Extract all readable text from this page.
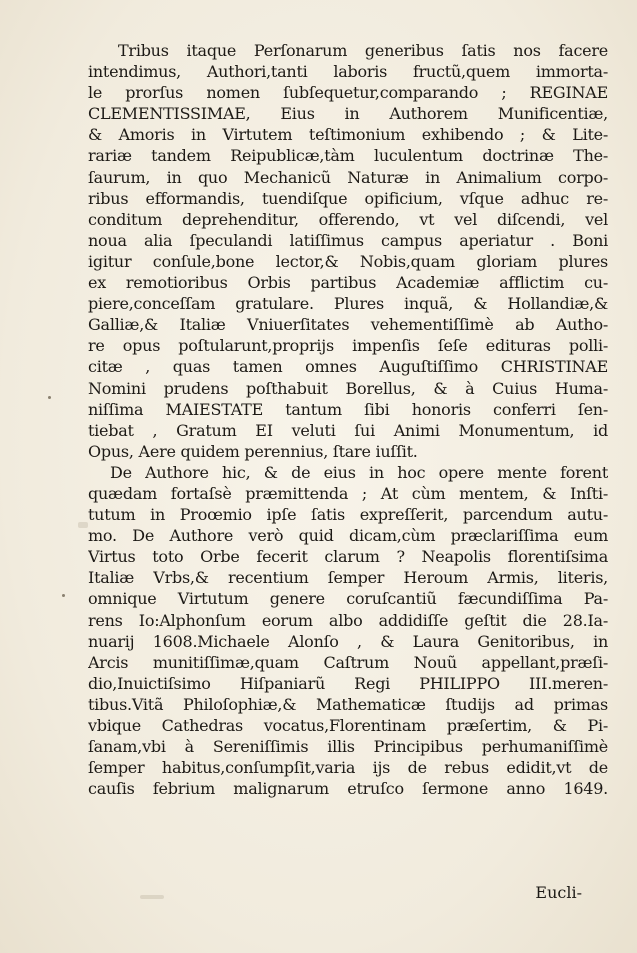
Tribus itaque Perſonarum generibus ſatis nos facere
intendimus, Authori,tanti laboris fructũ,quem immorta-
le prorſus nomen ſubſequetur,comparando ; REGINAE
CLEMENTISSIMAE, Eius in Authorem Munificentiæ,
& Amoris in Virtutem teſtimonium exhibendo ; & Lite-
rariæ tandem Reipublicæ,tàm luculentum doctrinæ The-
ſaurum, in quo Mechanicũ Naturæ in Animalium corpo-
ribus efformandis, tuendiſque opificium, vſque adhuc re-
conditum deprehenditur, offerendo, vt vel diſcendi, vel
noua alia ſpeculandi latiſſimus campus aperiatur . Boni
igitur conſule,bone lector,& Nobis,quam gloriam plures
ex remotioribus Orbis partibus Academiæ afflictim cu-
piere,conceſſam gratulare. Plures inquã, & Hollandiæ,&
Galliæ,& Italiæ Vniuerſitates vehementiſſimè ab Autho-
re opus poſtularunt,proprijs impenſis ſeſe edituras polli-
citæ , quas tamen omnes Auguſtiſſimo CHRISTINAE
Nomini prudens poſthabuit Borellus, & à Cuius Huma-
niſſima MAIESTATE tantum ſibi honoris conferri ſen-
tiebat , Gratum EI veluti ſui Animi Monumentum, id
Opus, Aere quidem perennius, ſtare iuſſit.
De Authore hic, & de eius in hoc opere mente forent
quædam fortaſsè præmittenda ; At cùm mentem, & Inſti-
tutum in Proœmio ipſe ſatis expreſſerit, parcendum autu-
mo. De Authore verò quid dicam,cùm præclariſſima eum
Virtus toto Orbe fecerit clarum ? Neapolis florentiſsima
Italiæ Vrbs,& recentium ſemper Heroum Armis, literis,
omnique Virtutum genere coruſcantiũ fæcundiſſima Pa-
rens Io:Alphonſum eorum albo addidiſſe geſtit die 28.Ia-
nuarij 1608.Michaele Alonſo , & Laura Genitoribus, in
Arcis munitiſſimæ,quam Caſtrum Nouũ appellant,præſi-
dio,Inuictiſsimo Hiſpaniarũ Regi PHILIPPO III.meren-
tibus.Vitã Philoſophiæ,& Mathematicæ ſtudijs ad primas
vbique Cathedras vocatus,Florentinam præſertim, & Pi-
ſanam,vbi à Sereniſſimis illis Principibus perhumaniſſimè
ſemper habitus,conſumpſit,varia ijs de rebus edidit,vt de
cauſis febrium malignarum etruſco ſermone anno 1649.
Eucli-
